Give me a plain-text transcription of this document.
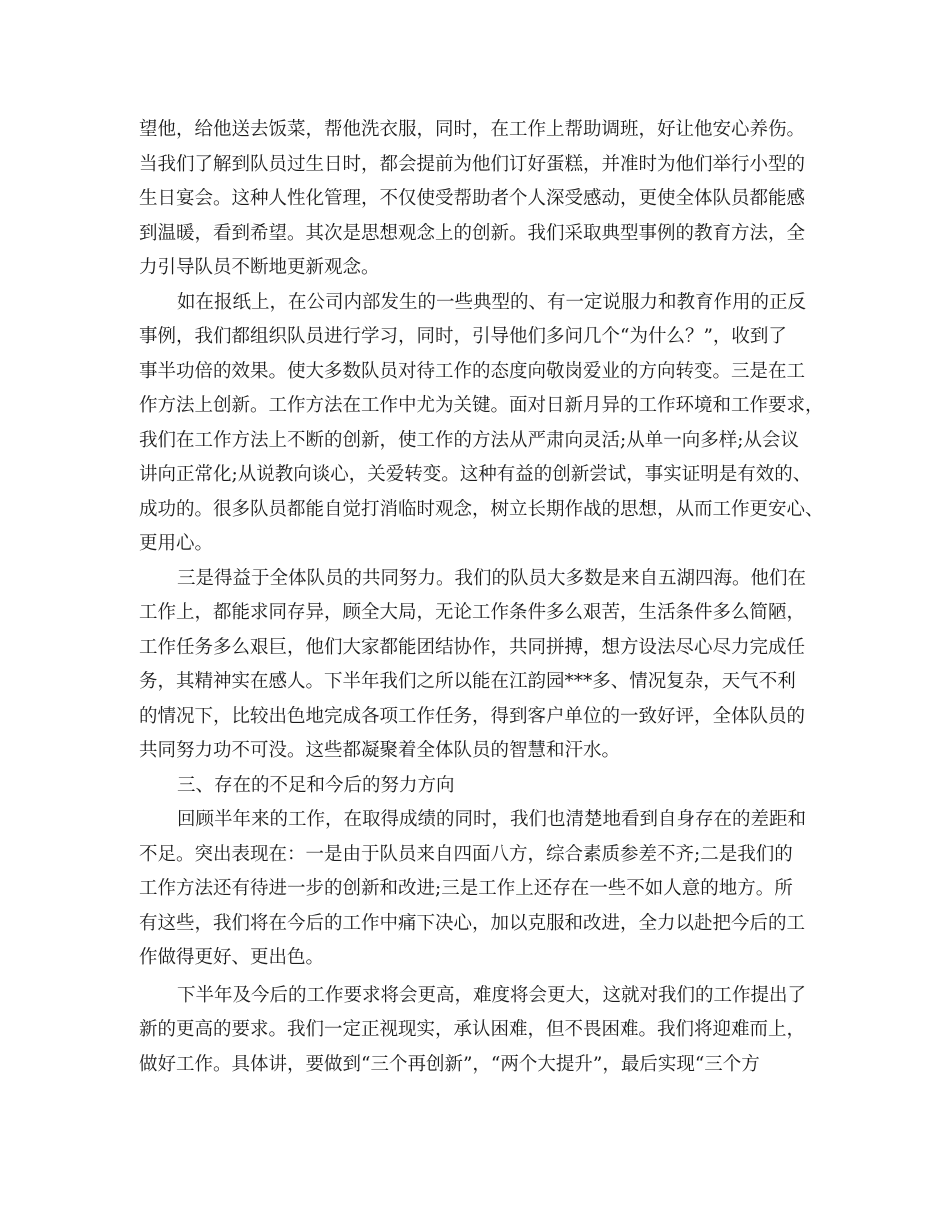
望他，给他送去饭菜，帮他洗衣服，同时，在工作上帮助调班，好让他安心养伤。
当我们了解到队员过生日时，都会提前为他们订好蛋糕，并准时为他们举行小型的
生日宴会。这种人性化管理，不仅使受帮助者个人深受感动，更使全体队员都能感
到温暖，看到希望。其次是思想观念上的创新。我们采取典型事例的教育方法，全
力引导队员不断地更新观念。
如在报纸上，在公司内部发生的一些典型的、有一定说服力和教育作用的正反
事例，我们都组织队员进行学习，同时，引导他们多问几个“为什么？”，收到了
事半功倍的效果。使大多数队员对待工作的态度向敬岗爱业的方向转变。三是在工
作方法上创新。工作方法在工作中尤为关键。面对日新月异的工作环境和工作要求，
我们在工作方法上不断的创新，使工作的方法从严肃向灵活;从单一向多样;从会议
讲向正常化;从说教向谈心，关爱转变。这种有益的创新尝试，事实证明是有效的、
成功的。很多队员都能自觉打消临时观念，树立长期作战的思想，从而工作更安心、
更用心。
三是得益于全体队员的共同努力。我们的队员大多数是来自五湖四海。他们在
工作上，都能求同存异，顾全大局，无论工作条件多么艰苦，生活条件多么简陋，
工作任务多么艰巨，他们大家都能团结协作，共同拼搏，想方设法尽心尽力完成任
务，其精神实在感人。下半年我们之所以能在江韵园***多、情况复杂，天气不利
的情况下，比较出色地完成各项工作任务，得到客户单位的一致好评，全体队员的
共同努力功不可没。这些都凝聚着全体队员的智慧和汗水。
三、存在的不足和今后的努力方向
回顾半年来的工作，在取得成绩的同时，我们也清楚地看到自身存在的差距和
不足。突出表现在：一是由于队员来自四面八方，综合素质参差不齐;二是我们的
工作方法还有待进一步的创新和改进;三是工作上还存在一些不如人意的地方。所
有这些，我们将在今后的工作中痛下决心，加以克服和改进，全力以赴把今后的工
作做得更好、更出色。
下半年及今后的工作要求将会更高，难度将会更大，这就对我们的工作提出了
新的更高的要求。我们一定正视现实，承认困难，但不畏困难。我们将迎难而上，
做好工作。具体讲，要做到“三个再创新”，“两个大提升”，最后实现“三个方
